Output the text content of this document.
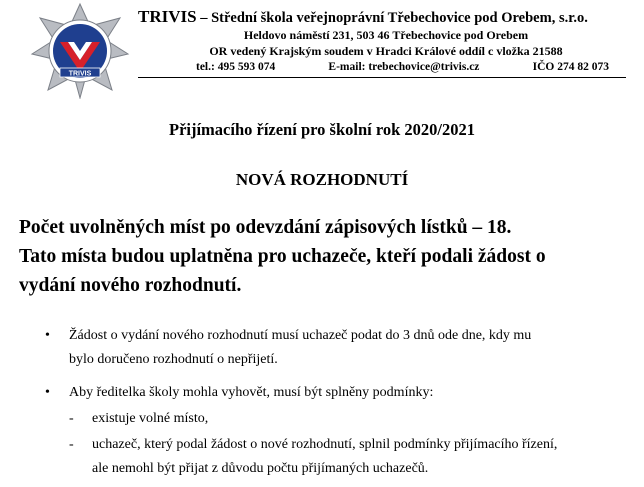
TRIVIS
TRIVIS – Střední škola veřejnoprávní Třebechovice pod Orebem, s.r.o.
Heldovo náměstí 231, 503 46 Třebechovice pod Orebem
OR vedený Krajským soudem v Hradci Králové oddíl c vložka 21588
tel.: 495 593 074	E-mail: trebechovice@trivis.cz	IČO 274 82 073
Přijímacího řízení pro školní rok 2020/2021
NOVÁ ROZHODNUTÍ
Počet uvolněných míst po odevzdání zápisových lístků – 18.
Tato místa budou uplatněna pro uchazeče, kteří podali žádost o
vydání nového rozhodnutí.
• Žádost o vydání nového rozhodnutí musí uchazeč podat do 3 dnů ode dne, kdy mu
bylo doručeno rozhodnutí o nepřijetí.
• Aby ředitelka školy mohla vyhovět, musí být splněny podmínky:
- existuje volné místo,
- uchazeč, který podal žádost o nové rozhodnutí, splnil podmínky přijímacího řízení,
ale nemohl být přijat z důvodu počtu přijímaných uchazečů.
